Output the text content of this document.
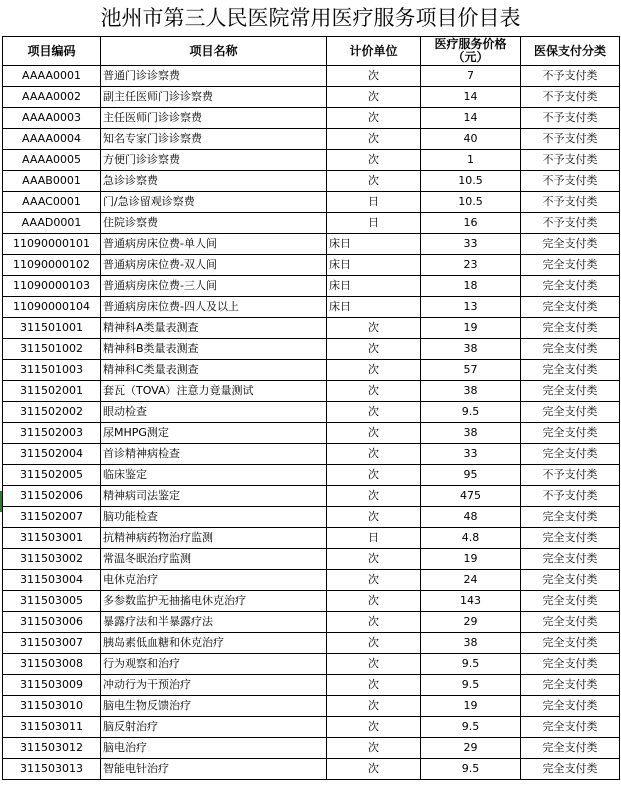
池州市第三人民医院常用医疗服务项目价目表
项目编码	项目名称	计价单位	医疗服务价格（元）	医保支付分类
AAAA0001	普通门诊诊察费	次	7	不予支付类
AAAA0002	副主任医师门诊诊察费	次	14	不予支付类
AAAA0003	主任医师门诊诊察费	次	14	不予支付类
AAAA0004	知名专家门诊诊察费	次	40	不予支付类
AAAA0005	方便门诊诊察费	次	1	不予支付类
AAAB0001	急诊诊察费	次	10.5	不予支付类
AAAC0001	门/急诊留观诊察费	日	10.5	不予支付类
AAAD0001	住院诊察费	日	16	不予支付类
11090000101	普通病房床位费-单人间	床日	33	完全支付类
11090000102	普通病房床位费-双人间	床日	23	完全支付类
11090000103	普通病房床位费-三人间	床日	18	完全支付类
11090000104	普通病房床位费-四人及以上	床日	13	完全支付类
311501001	精神科A类量表测查	次	19	完全支付类
311501002	精神科B类量表测查	次	38	完全支付类
311501003	精神科C类量表测查	次	57	完全支付类
311502001	套瓦（TOVA）注意力竟量测试	次	38	完全支付类
311502002	眼动检查	次	9.5	完全支付类
311502003	尿MHPG测定	次	38	完全支付类
311502004	首诊精神病检查	次	33	完全支付类
311502005	临床鉴定	次	95	不予支付类
311502006	精神病司法鉴定	次	475	不予支付类
311502007	脑功能检查	次	48	完全支付类
311503001	抗精神病药物治疗监测	日	4.8	完全支付类
311503002	常温冬眠治疗监测	次	19	完全支付类
311503004	电休克治疗	次	24	完全支付类
311503005	多参数监护无抽搐电休克治疗	次	143	完全支付类
311503006	暴露疗法和半暴露疗法	次	29	完全支付类
311503007	胰岛素低血糖和休克治疗	次	38	完全支付类
311503008	行为观察和治疗	次	9.5	完全支付类
311503009	冲动行为干预治疗	次	9.5	完全支付类
311503010	脑电生物反馈治疗	次	19	完全支付类
311503011	脑反射治疗	次	9.5	完全支付类
311503012	脑电治疗	次	29	完全支付类
311503013	智能电针治疗	次	9.5	完全支付类
